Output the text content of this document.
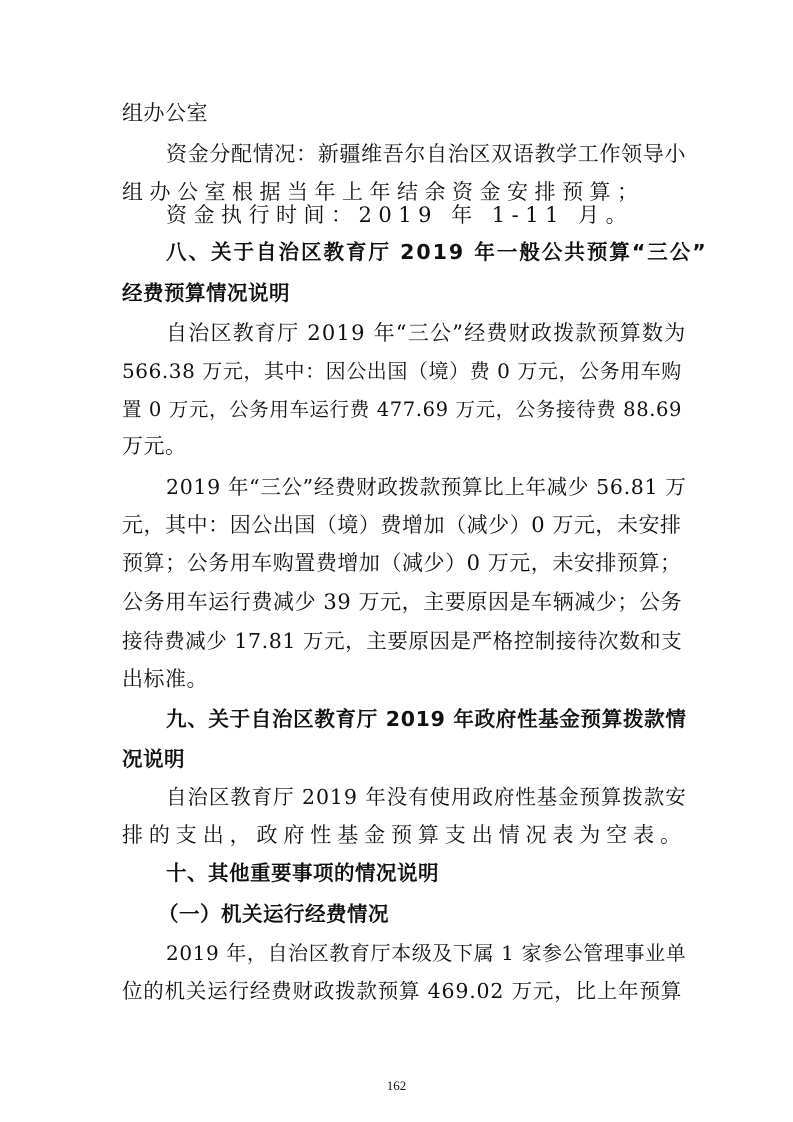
组办公室

资金分配情况：新疆维吾尔自治区双语教学工作领导小

组办公室根据当年上年结余资金安排预算；

资金执行时间：2019 年 1-11 月。

八、关于自治区教育厅 2019 年一般公共预算“三公”

经费预算情况说明

自治区教育厅 2019 年“三公”经费财政拨款预算数为

566.38 万元，其中：因公出国（境）费 0 万元，公务用车购

置 0 万元，公务用车运行费 477.69 万元，公务接待费 88.69

万元。

2019 年“三公”经费财政拨款预算比上年减少 56.81 万

元，其中：因公出国（境）费增加（减少）0 万元，未安排

预算；公务用车购置费增加（减少）0 万元，未安排预算；

公务用车运行费减少 39 万元，主要原因是车辆减少；公务

接待费减少 17.81 万元，主要原因是严格控制接待次数和支

出标准。

九、关于自治区教育厅 2019 年政府性基金预算拨款情

况说明

自治区教育厅 2019 年没有使用政府性基金预算拨款安

排的支出，政府性基金预算支出情况表为空表。

十、其他重要事项的情况说明

（一）机关运行经费情况

2019 年，自治区教育厅本级及下属 1 家参公管理事业单

位的机关运行经费财政拨款预算 469.02 万元，比上年预算

162
